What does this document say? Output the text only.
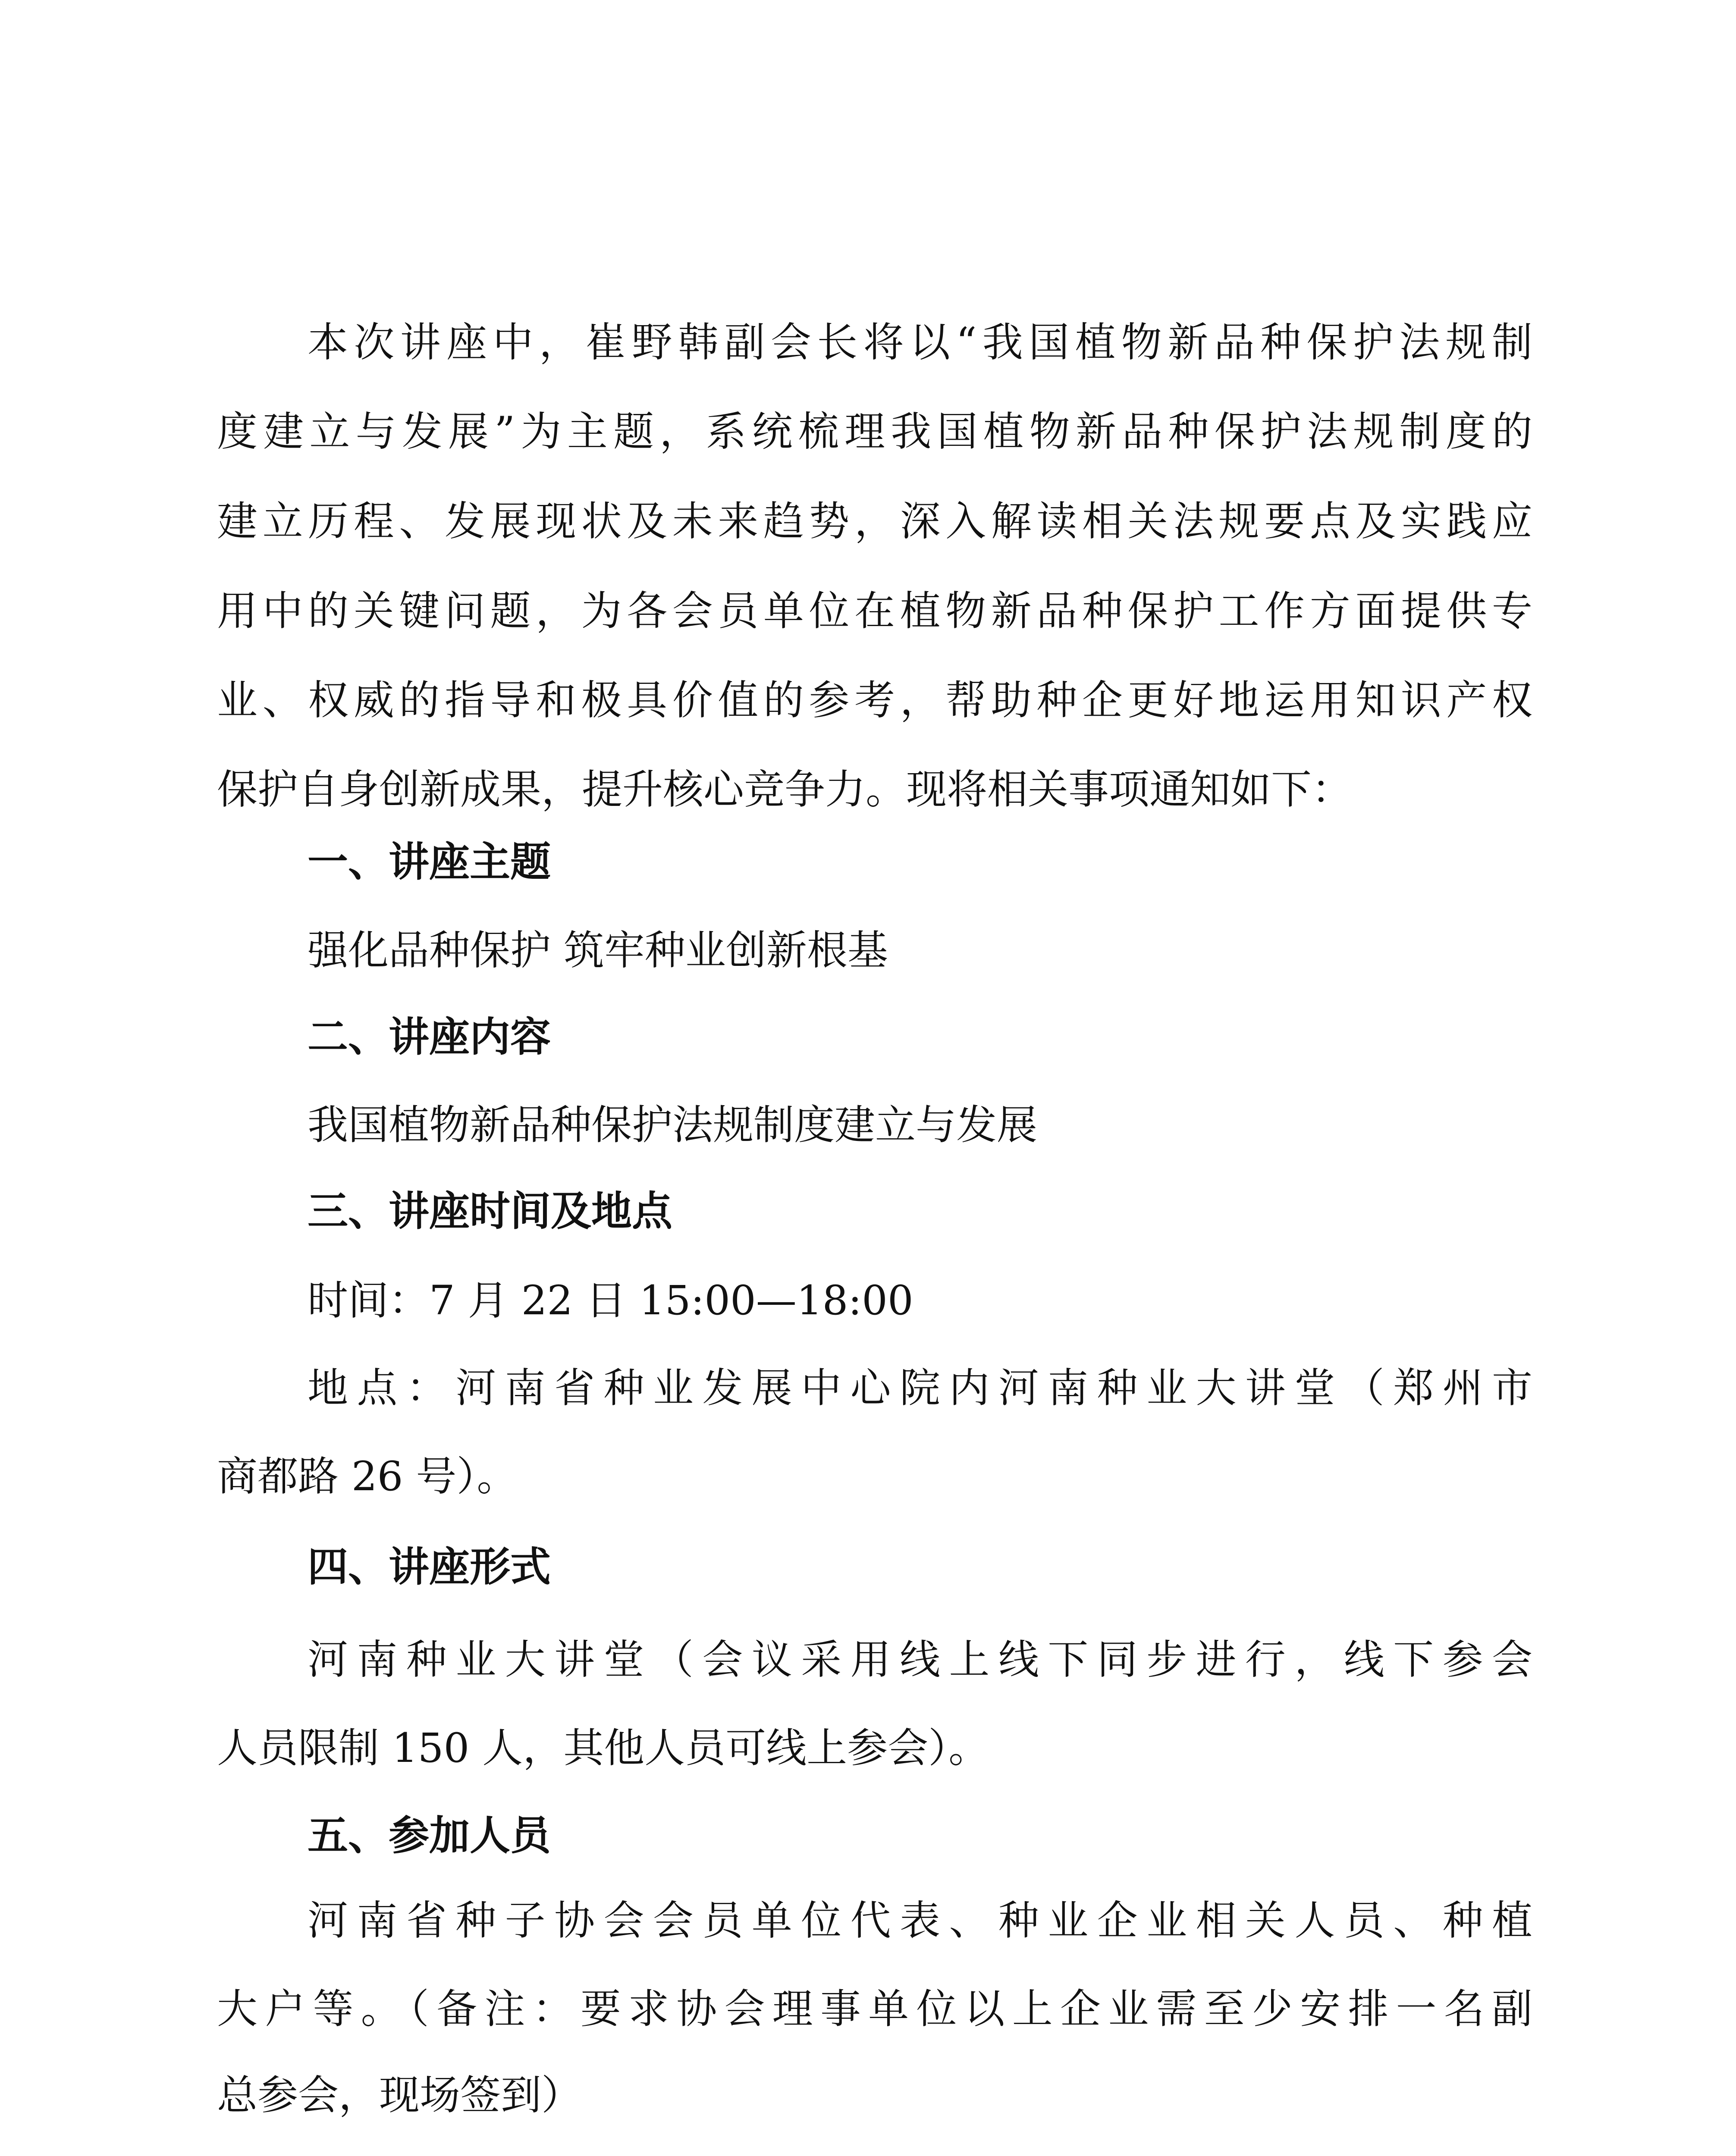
本次讲座中，崔野韩副会长将以“我国植物新品种保护法规制
度建立与发展”为主题，系统梳理我国植物新品种保护法规制度的
建立历程、发展现状及未来趋势，深入解读相关法规要点及实践应
用中的关键问题，为各会员单位在植物新品种保护工作方面提供专
业、权威的指导和极具价值的参考，帮助种企更好地运用知识产权
保护自身创新成果，提升核心竞争力。现将相关事项通知如下：
一、讲座主题
强化品种保护 筑牢种业创新根基
二、讲座内容
我国植物新品种保护法规制度建立与发展
三、讲座时间及地点
时间：7 月 22 日 15:00—18:00
地点：河南省种业发展中心院内河南种业大讲堂（郑州市
商都路 26 号）。
四、讲座形式
河南种业大讲堂（会议采用线上线下同步进行，线下参会
人员限制 150 人，其他人员可线上参会）。
五、参加人员
河南省种子协会会员单位代表、种业企业相关人员、种植
大户等。（备注：要求协会理事单位以上企业需至少安排一名副
总参会，现场签到）
